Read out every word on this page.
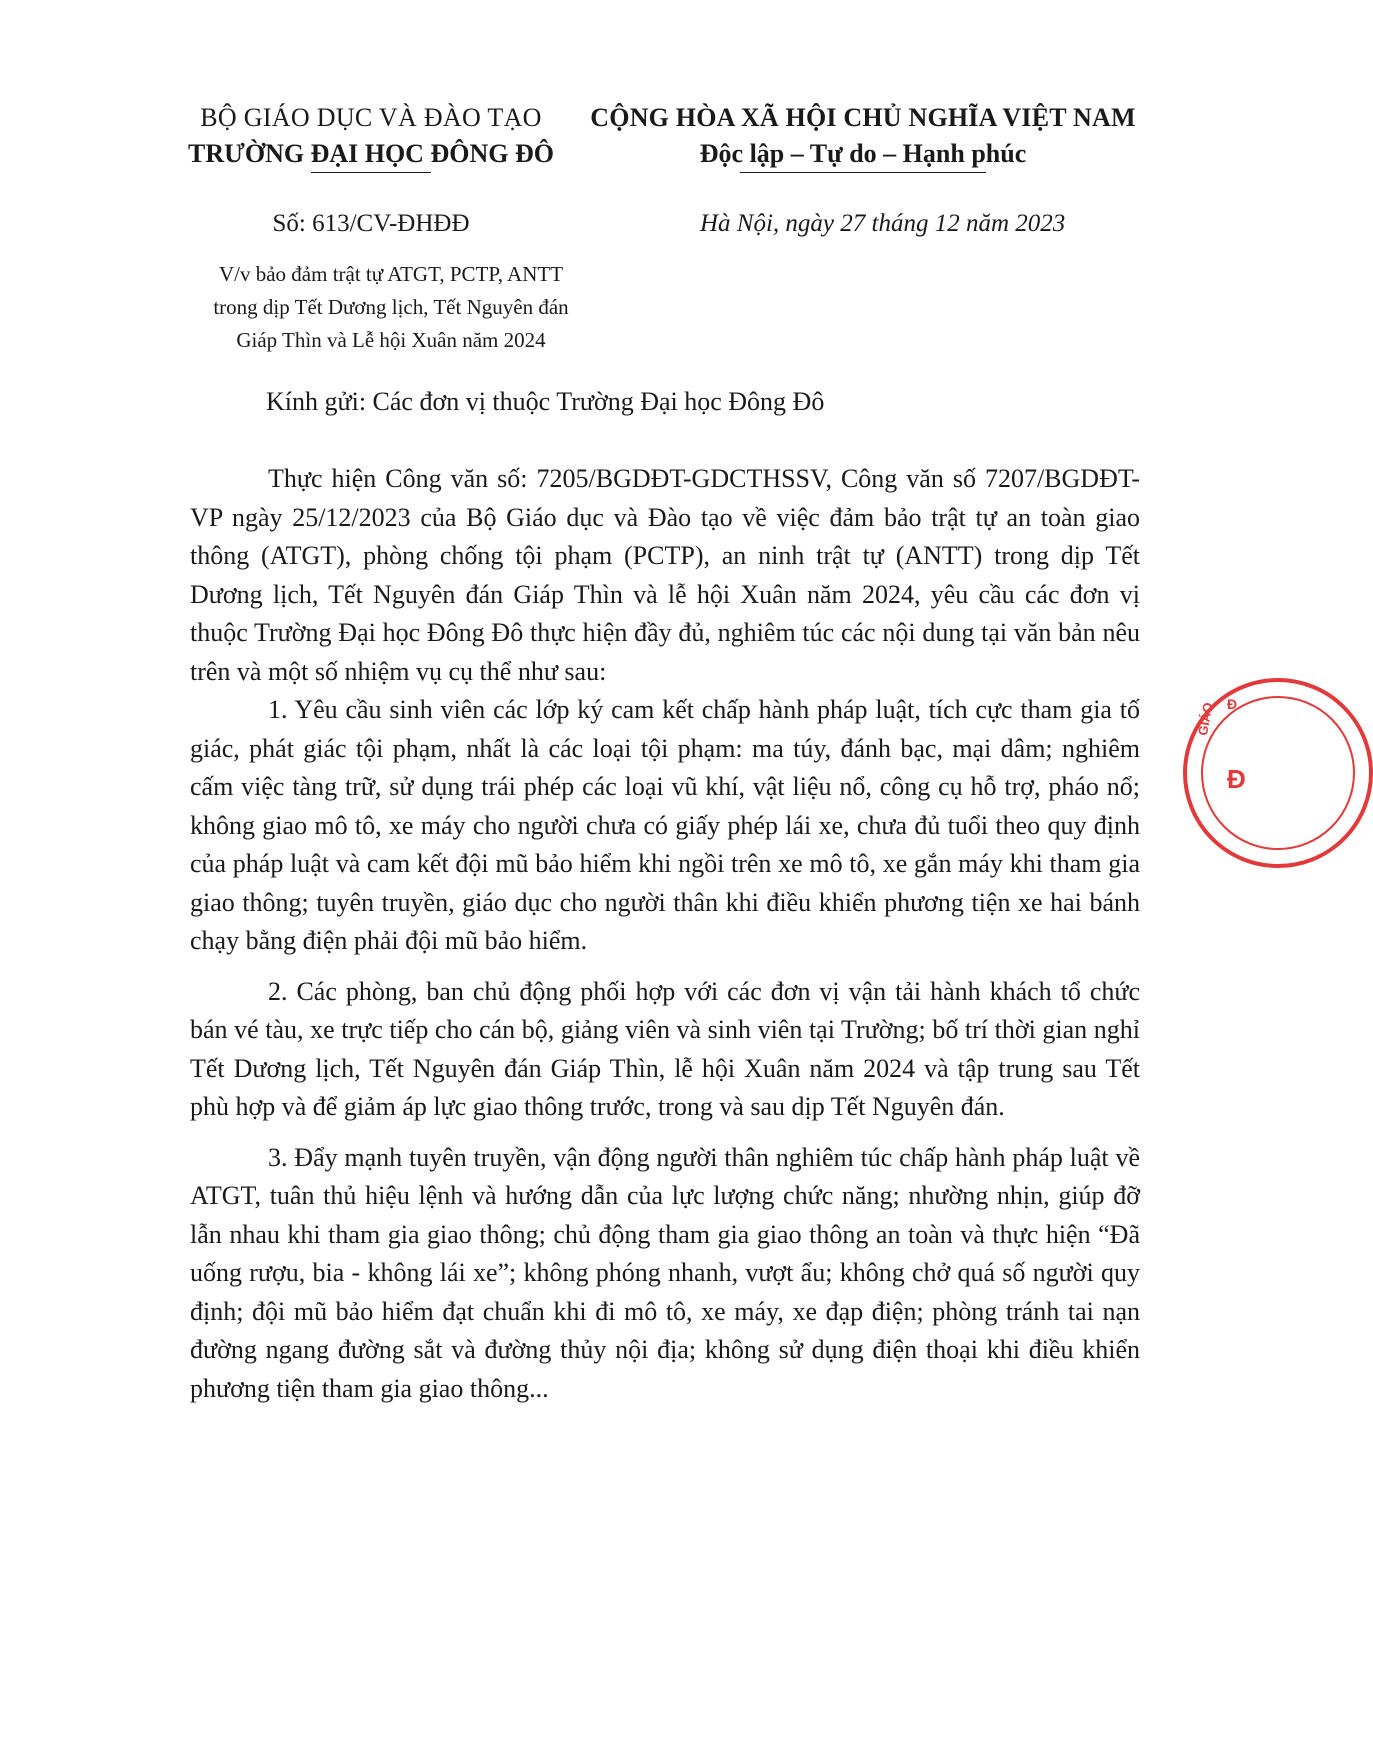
BỘ GIÁO DỤC VÀ ĐÀO TẠO
TRƯỜNG ĐẠI HỌC ĐÔNG ĐÔ
CỘNG HÒA XÃ HỘI CHỦ NGHĨA VIỆT NAM
Độc lập – Tự do – Hạnh phúc
Số: 613/CV-ĐHĐĐ	Hà Nội, ngày 27 tháng 12 năm 2023
V/v bảo đảm trật tự ATGT, PCTP, ANTT
trong dịp Tết Dương lịch, Tết Nguyên đán
Giáp Thìn và Lễ hội Xuân năm 2024
Kính gửi: Các đơn vị thuộc Trường Đại học Đông Đô

Thực hiện Công văn số: 7205/BGDĐT-GDCTHSSV, Công văn số 7207/BGDĐT-VP ngày 25/12/2023 của Bộ Giáo dục và Đào tạo về việc đảm bảo trật tự an toàn giao thông (ATGT), phòng chống tội phạm (PCTP), an ninh trật tự (ANTT) trong dịp Tết Dương lịch, Tết Nguyên đán Giáp Thìn và lễ hội Xuân năm 2024, yêu cầu các đơn vị thuộc Trường Đại học Đông Đô thực hiện đầy đủ, nghiêm túc các nội dung tại văn bản nêu trên và một số nhiệm vụ cụ thể như sau:

1. Yêu cầu sinh viên các lớp ký cam kết chấp hành pháp luật, tích cực tham gia tố giác, phát giác tội phạm, nhất là các loại tội phạm: ma túy, đánh bạc, mại dâm; nghiêm cấm việc tàng trữ, sử dụng trái phép các loại vũ khí, vật liệu nổ, công cụ hỗ trợ, pháo nổ; không giao mô tô, xe máy cho người chưa có giấy phép lái xe, chưa đủ tuổi theo quy định của pháp luật và cam kết đội mũ bảo hiểm khi ngồi trên xe mô tô, xe gắn máy khi tham gia giao thông; tuyên truyền, giáo dục cho người thân khi điều khiển phương tiện xe hai bánh chạy bằng điện phải đội mũ bảo hiểm.

2. Các phòng, ban chủ động phối hợp với các đơn vị vận tải hành khách tổ chức bán vé tàu, xe trực tiếp cho cán bộ, giảng viên và sinh viên tại Trường; bố trí thời gian nghỉ Tết Dương lịch, Tết Nguyên đán Giáp Thìn, lễ hội Xuân năm 2024 và tập trung sau Tết phù hợp và để giảm áp lực giao thông trước, trong và sau dịp Tết Nguyên đán.

3. Đẩy mạnh tuyên truyền, vận động người thân nghiêm túc chấp hành pháp luật về ATGT, tuân thủ hiệu lệnh và hướng dẫn của lực lượng chức năng; nhường nhịn, giúp đỡ lẫn nhau khi tham gia giao thông; chủ động tham gia giao thông an toàn và thực hiện “Đã uống rượu, bia - không lái xe”; không phóng nhanh, vượt ẩu; không chở quá số người quy định; đội mũ bảo hiểm đạt chuẩn khi đi mô tô, xe máy, xe đạp điện; phòng tránh tai nạn đường ngang đường sắt và đường thủy nội địa; không sử dụng điện thoại khi điều khiển phương tiện tham gia giao thông...

GIÁO Đ
Đ
